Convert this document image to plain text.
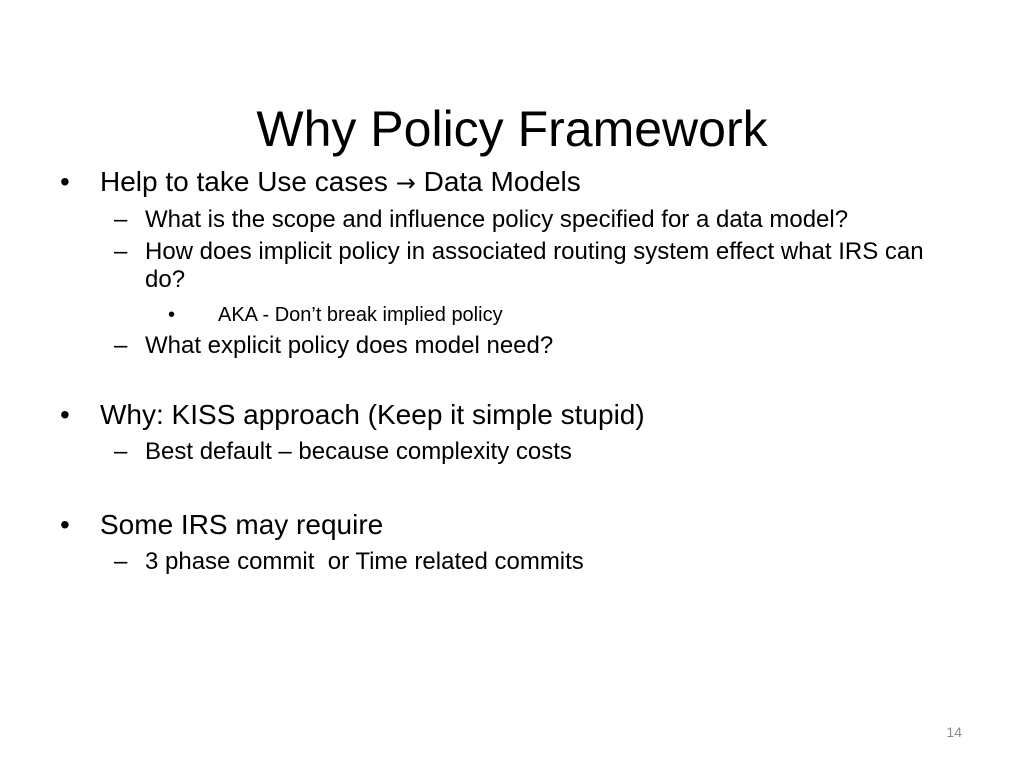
Why Policy Framework
•	Help to take Use cases → Data Models
– What is the scope and influence policy specified for a data model?
– How does implicit policy in associated routing system effect what IRS can do?
• AKA - Don’t break implied policy
– What explicit policy does model need?
•	Why: KISS approach (Keep it simple stupid)
– Best default – because complexity costs
•	Some IRS may require
– 3 phase commit  or Time related commits
14
